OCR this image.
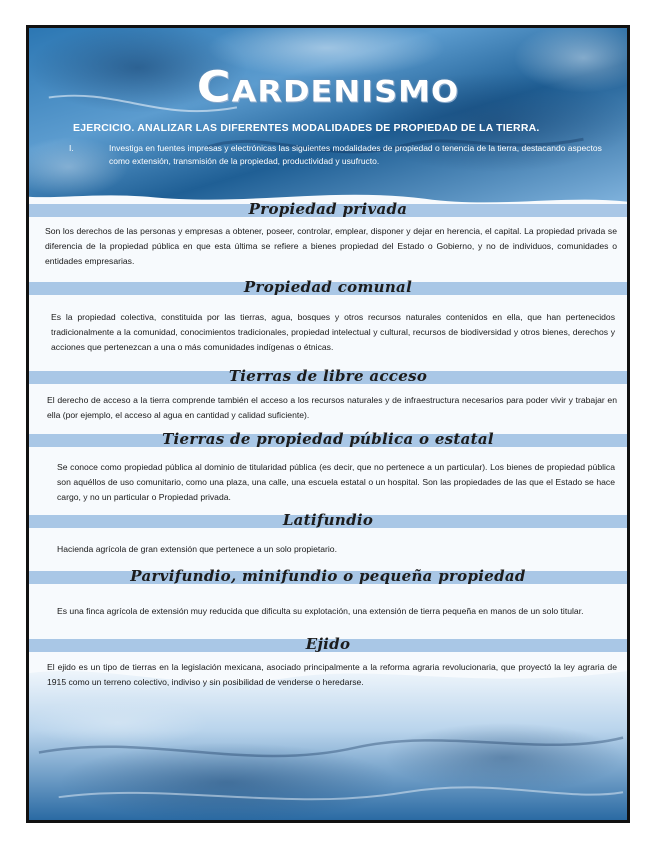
Cardenismo
EJERCICIO. ANALIZAR LAS DIFERENTES MODALIDADES DE PROPIEDAD DE LA TIERRA.
I.	Investiga en fuentes impresas y electrónicas las siguientes modalidades de propiedad o tenencia de la tierra, destacando aspectos como extensión, transmisión de la propiedad, productividad y usufructo.
Propiedad privada
Son los derechos de las personas y empresas a obtener, poseer, controlar, emplear, disponer y dejar en herencia, el capital. La propiedad privada se diferencia de la propiedad pública en que esta última se refiere a bienes propiedad del Estado o Gobierno, y no de individuos, comunidades o entidades empresarias.
Propiedad comunal
Es la propiedad colectiva, constituida por las tierras, agua, bosques y otros recursos naturales contenidos en ella, que han pertenecidos tradicionalmente a la comunidad, conocimientos tradicionales, propiedad intelectual y cultural, recursos de biodiversidad y otros bienes, derechos y acciones que pertenezcan a una o más comunidades indígenas o étnicas.
Tierras de libre acceso
El derecho de acceso a la tierra comprende también el acceso a los recursos naturales y de infraestructura necesarios para poder vivir y trabajar en ella (por ejemplo, el acceso al agua en cantidad y calidad suficiente).
Tierras de propiedad pública o estatal
Se conoce como propiedad pública al dominio de titularidad pública (es decir, que no pertenece a un particular). Los bienes de propiedad pública son aquéllos de uso comunitario, como una plaza, una calle, una escuela estatal o un hospital. Son las propiedades de las que el Estado se hace cargo, y no un particular o Propiedad privada.
Latifundio
Hacienda agrícola de gran extensión que pertenece a un solo propietario.
Parvifundio, minifundio o pequeña propiedad
Es una finca agrícola de extensión muy reducida que dificulta su explotación, una extensión de tierra pequeña en manos de un solo titular.
Ejido
El ejido es un tipo de tierras en la legislación mexicana, asociado principalmente a la reforma agraria revolucionaria, que proyectó la ley agraria de 1915 como un terreno colectivo, indiviso y sin posibilidad de venderse o heredarse.
